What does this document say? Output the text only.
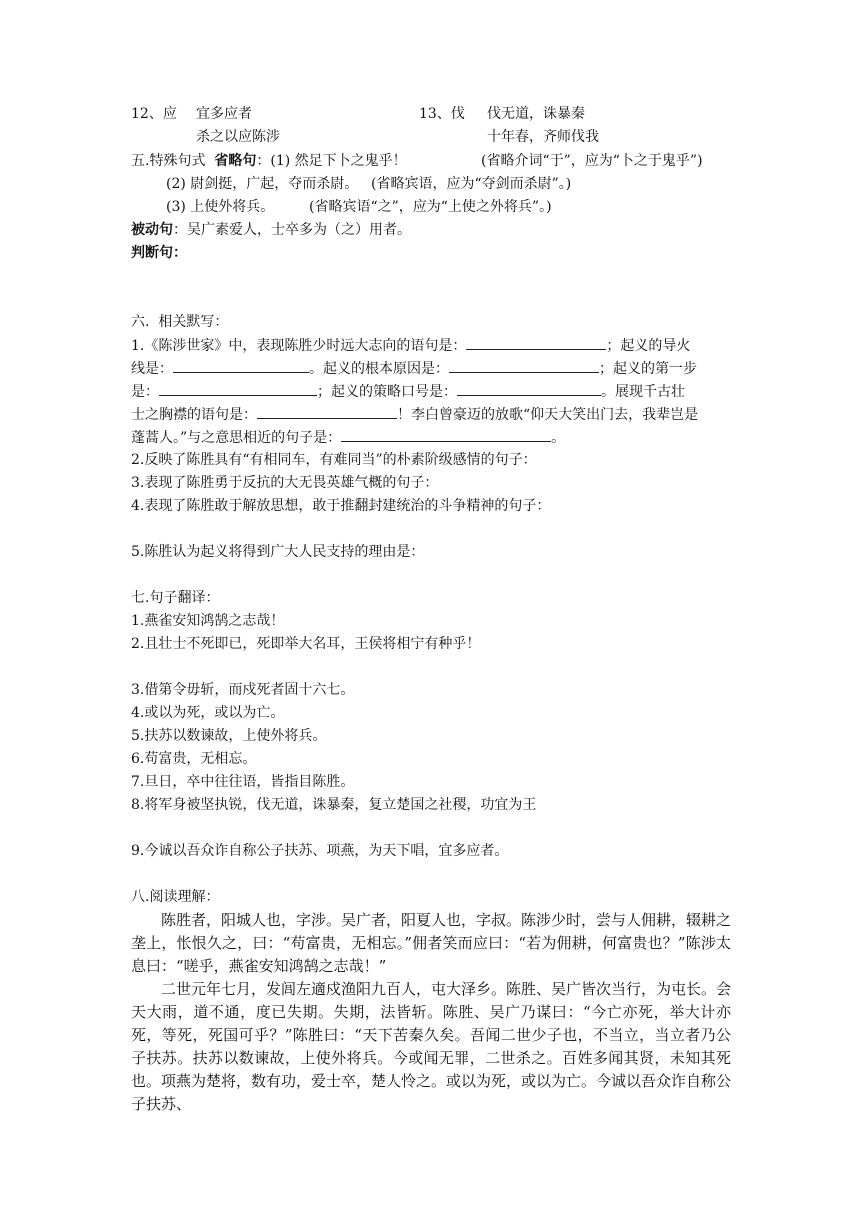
12、应 宜多应者	13、伐 伐无道，诛暴秦
杀之以应陈涉	十年春，齐师伐我
五.特殊句式 省略句：(1) 然足下卜之鬼乎！	(省略介词“于”，应为“卜之于鬼乎”)
(2) 尉剑挺，广起，夺而杀尉。 (省略宾语，应为“夺剑而杀尉”。)
(3) 上使外将兵。 (省略宾语“之”，应为“上使之外将兵”。)
被动句：吴广素爱人，士卒多为（之）用者。
判断句：
六.  相关默写：
1.《陈涉世家》中，表现陈胜少时远大志向的语句是：	；起义的导火
线是：	。起义的根本原因是：	；起义的第一步
是：	；起义的策略口号是：	。展现千古壮
士之胸襟的语句是：	！李白曾豪迈的放歌“仰天大笑出门去，我辈岂是
蓬蒿人。”与之意思相近的句子是：	。
2.反映了陈胜具有“有相同车，有难同当”的朴素阶级感情的句子：
3.表现了陈胜勇于反抗的大无畏英雄气概的句子：
4.表现了陈胜敢于解放思想，敢于推翻封建统治的斗争精神的句子：
5.陈胜认为起义将得到广大人民支持的理由是：
七.句子翻译：
1.燕雀安知鸿鹄之志哉！
2.且壮士不死即已，死即举大名耳，王侯将相宁有种乎！
3.借第令毋斩，而戍死者固十六七。
4.或以为死，或以为亡。
5.扶苏以数谏故，上使外将兵。
6.苟富贵，无相忘。
7.旦日，卒中往往语，皆指目陈胜。
8.将军身被坚执锐，伐无道，诛暴秦，复立楚国之社稷，功宜为王
9.今诚以吾众诈自称公子扶苏、项燕，为天下唱，宜多应者。
八.阅读理解：

陈胜者，阳城人也，字涉。吴广者，阳夏人也，字叔。陈涉少时，尝与人佣耕，辍耕之垄上，怅恨久之，曰：“苟富贵，无相忘。”佣者笑而应曰：“若为佣耕，何富贵也？”陈涉太息曰：“嗟乎，燕雀安知鸿鹄之志哉！”

二世元年七月，发闾左適戍渔阳九百人，屯大泽乡。陈胜、吴广皆次当行，为屯长。会天大雨，道不通，度已失期。失期，法皆斩。陈胜、吴广乃谋曰：“今亡亦死，举大计亦死，等死，死国可乎？”陈胜曰：“天下苦秦久矣。吾闻二世少子也，不当立，当立者乃公子扶苏。扶苏以数谏故，上使外将兵。今或闻无罪，二世杀之。百姓多闻其贤，未知其死也。项燕为楚将，数有功，爱士卒，楚人怜之。或以为死，或以为亡。今诚以吾众诈自称公子扶苏、
